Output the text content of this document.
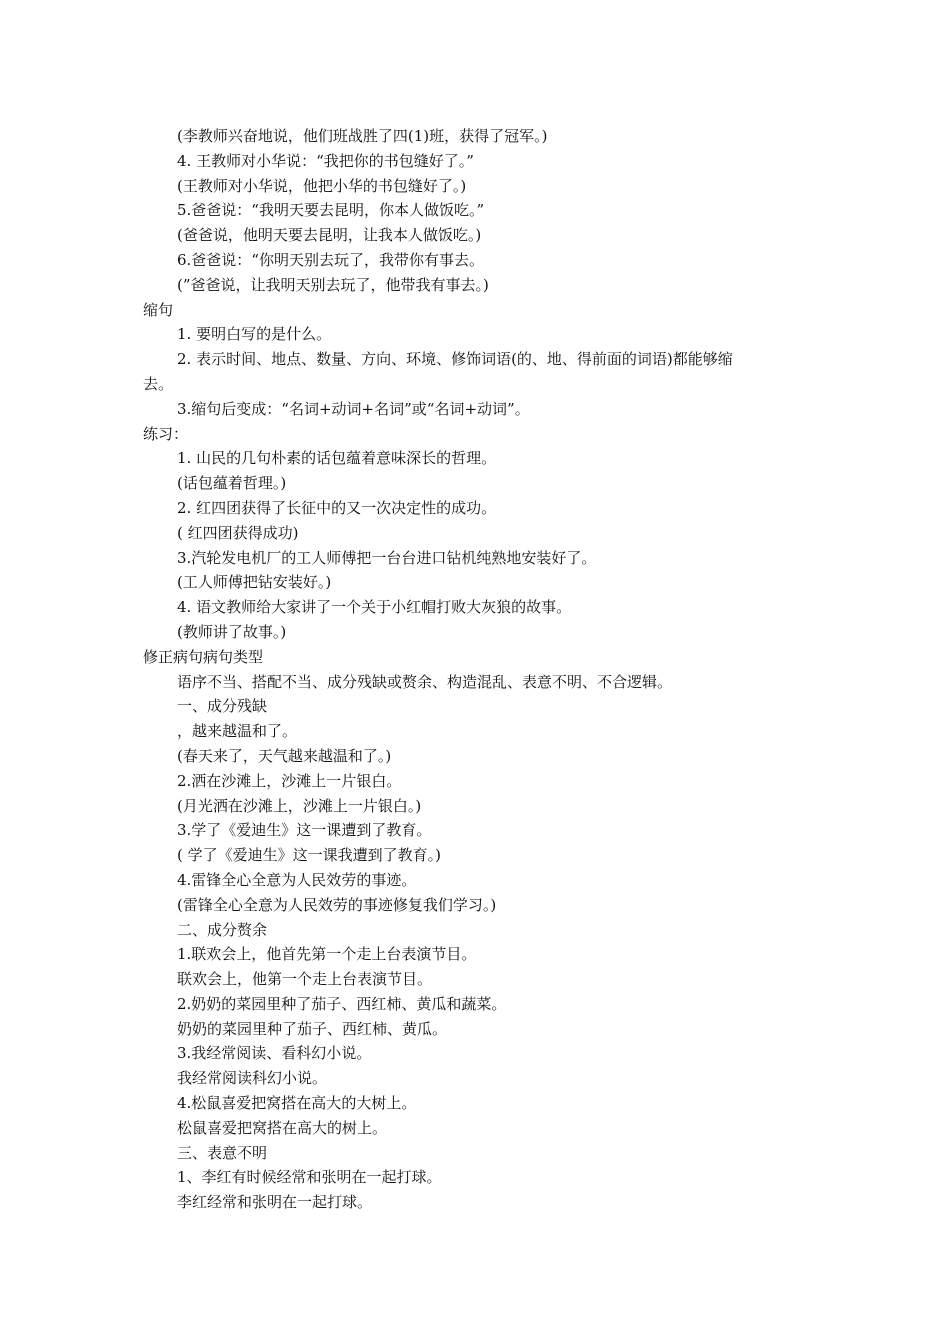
(李教师兴奋地说，他们班战胜了四(1)班，获得了冠军。)

4. 王教师对小华说：“我把你的书包缝好了。”

(王教师对小华说，他把小华的书包缝好了。)

5.爸爸说：“我明天要去昆明，你本人做饭吃。”

(爸爸说，他明天要去昆明，让我本人做饭吃。)

6.爸爸说：“你明天别去玩了，我带你有事去。

(”爸爸说，让我明天别去玩了，他带我有事去。)

缩句

1. 要明白写的是什么。

2. 表示时间、地点、数量、方向、环境、修饰词语(的、地、得前面的词语)都能够缩

去。

3.缩句后变成：“名词+动词+名词”或“名词+动词”。

练习：

1. 山民的几句朴素的话包蕴着意味深长的哲理。

(话包蕴着哲理。)

2. 红四团获得了长征中的又一次决定性的成功。

( 红四团获得成功)

3.汽轮发电机厂的工人师傅把一台台进口钻机纯熟地安装好了。

(工人师傅把钻安装好。)

4. 语文教师给大家讲了一个关于小红帽打败大灰狼的故事。

(教师讲了故事。)

修正病句病句类型

语序不当、搭配不当、成分残缺或赘余、构造混乱、表意不明、不合逻辑。

一、成分残缺

，越来越温和了。

(春天来了，天气越来越温和了。)

2.洒在沙滩上，沙滩上一片银白。

(月光洒在沙滩上，沙滩上一片银白。)

3.学了《爱迪生》这一课遭到了教育。

( 学了《爱迪生》这一课我遭到了教育。)

4.雷锋全心全意为人民效劳的事迹。

(雷锋全心全意为人民效劳的事迹修复我们学习。)

二、成分赘余

1.联欢会上，他首先第一个走上台表演节目。

联欢会上，他第一个走上台表演节目。

2.奶奶的菜园里种了茄子、西红柿、黄瓜和蔬菜。

奶奶的菜园里种了茄子、西红柿、黄瓜。

3.我经常阅读、看科幻小说。

我经常阅读科幻小说。

4.松鼠喜爱把窝搭在高大的大树上。

松鼠喜爱把窝搭在高大的树上。

三、表意不明

1、李红有时候经常和张明在一起打球。

李红经常和张明在一起打球。
